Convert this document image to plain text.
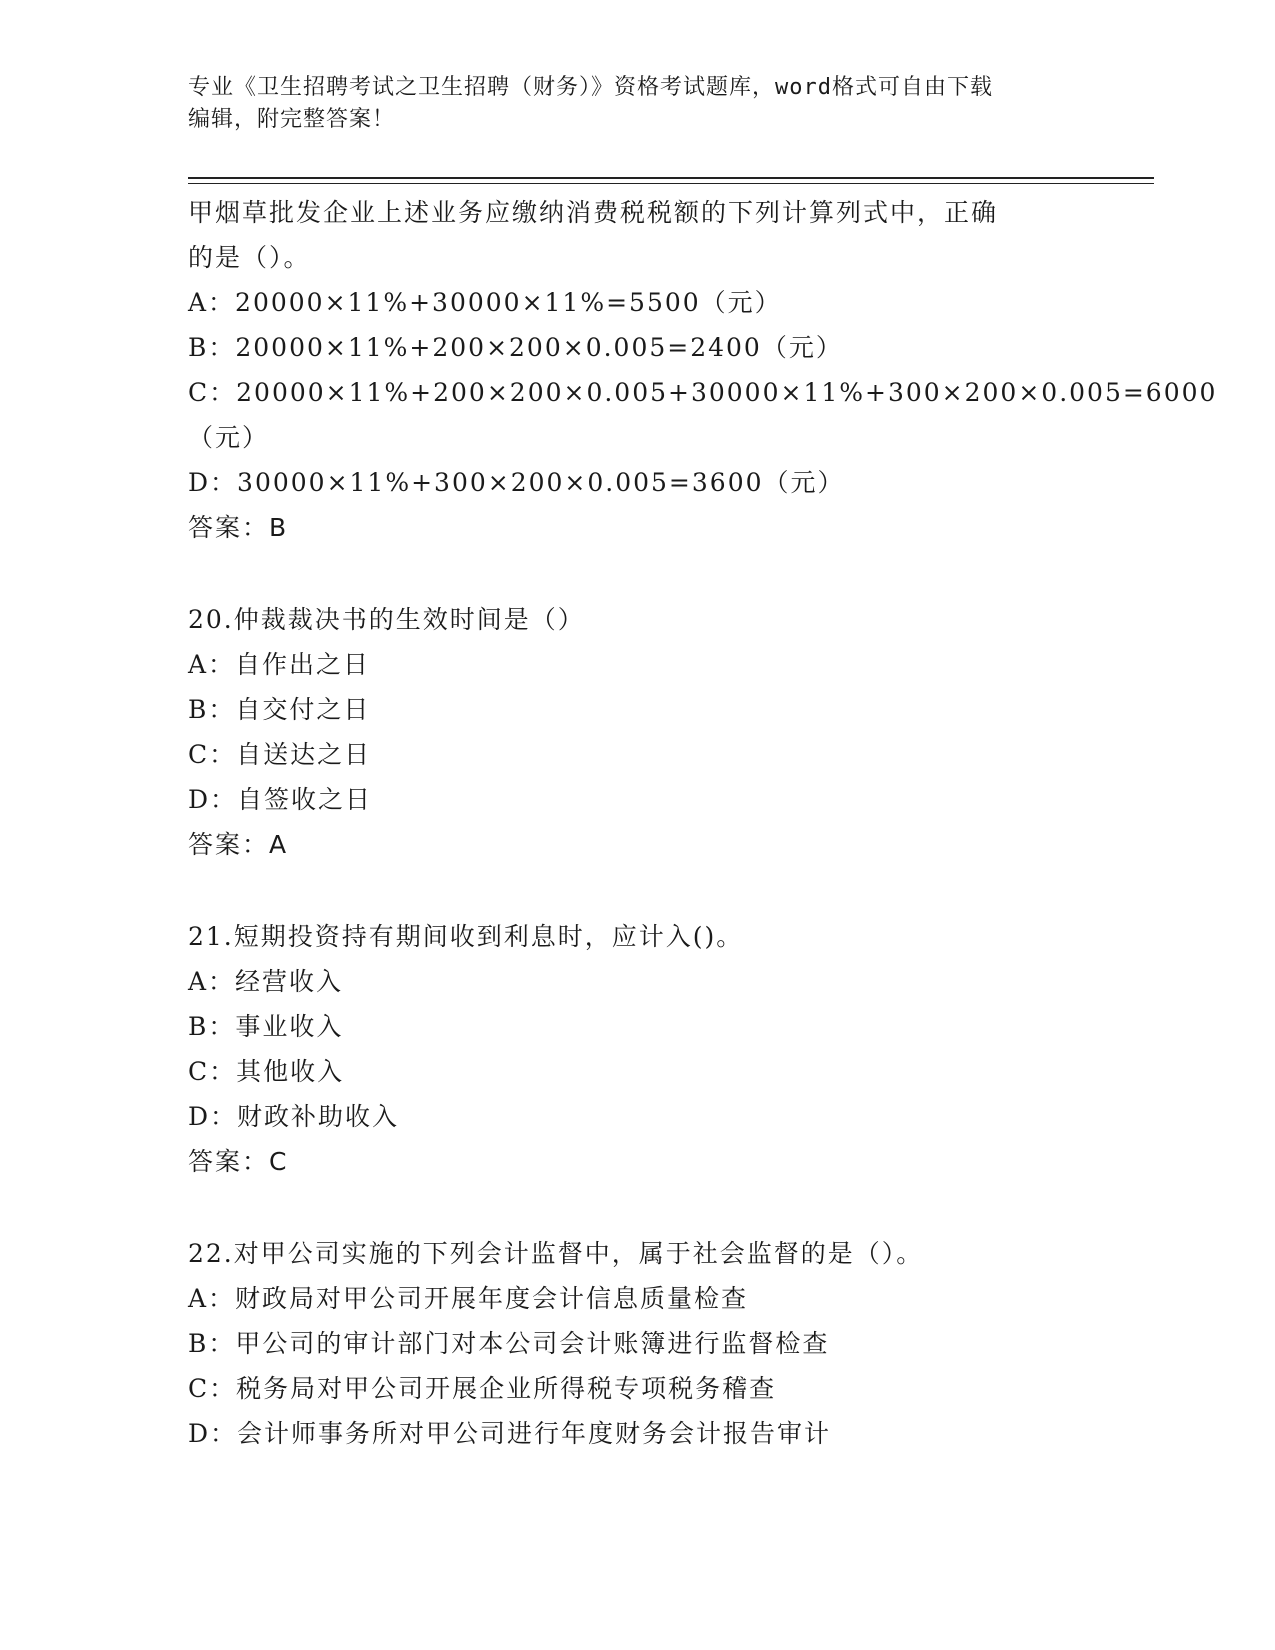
专业《卫生招聘考试之卫生招聘（财务）》资格考试题库，word格式可自由下载
编辑，附完整答案！
甲烟草批发企业上述业务应缴纳消费税税额的下列计算列式中，正确
的是（）。
A：20000×11%+30000×11%=5500（元）
B：20000×11%+200×200×0.005=2400（元）
C：20000×11%+200×200×0.005+30000×11%+300×200×0.005=6000
（元）
D：30000×11%+300×200×0.005=3600（元）
答案：B
20.仲裁裁决书的生效时间是（）
A：自作出之日
B：自交付之日
C：自送达之日
D：自签收之日
答案：A
21.短期投资持有期间收到利息时，应计入()。
A：经营收入
B：事业收入
C：其他收入
D：财政补助收入
答案：C
22.对甲公司实施的下列会计监督中，属于社会监督的是（）。
A：财政局对甲公司开展年度会计信息质量检查
B：甲公司的审计部门对本公司会计账簿进行监督检查
C：税务局对甲公司开展企业所得税专项税务稽查
D：会计师事务所对甲公司进行年度财务会计报告审计
